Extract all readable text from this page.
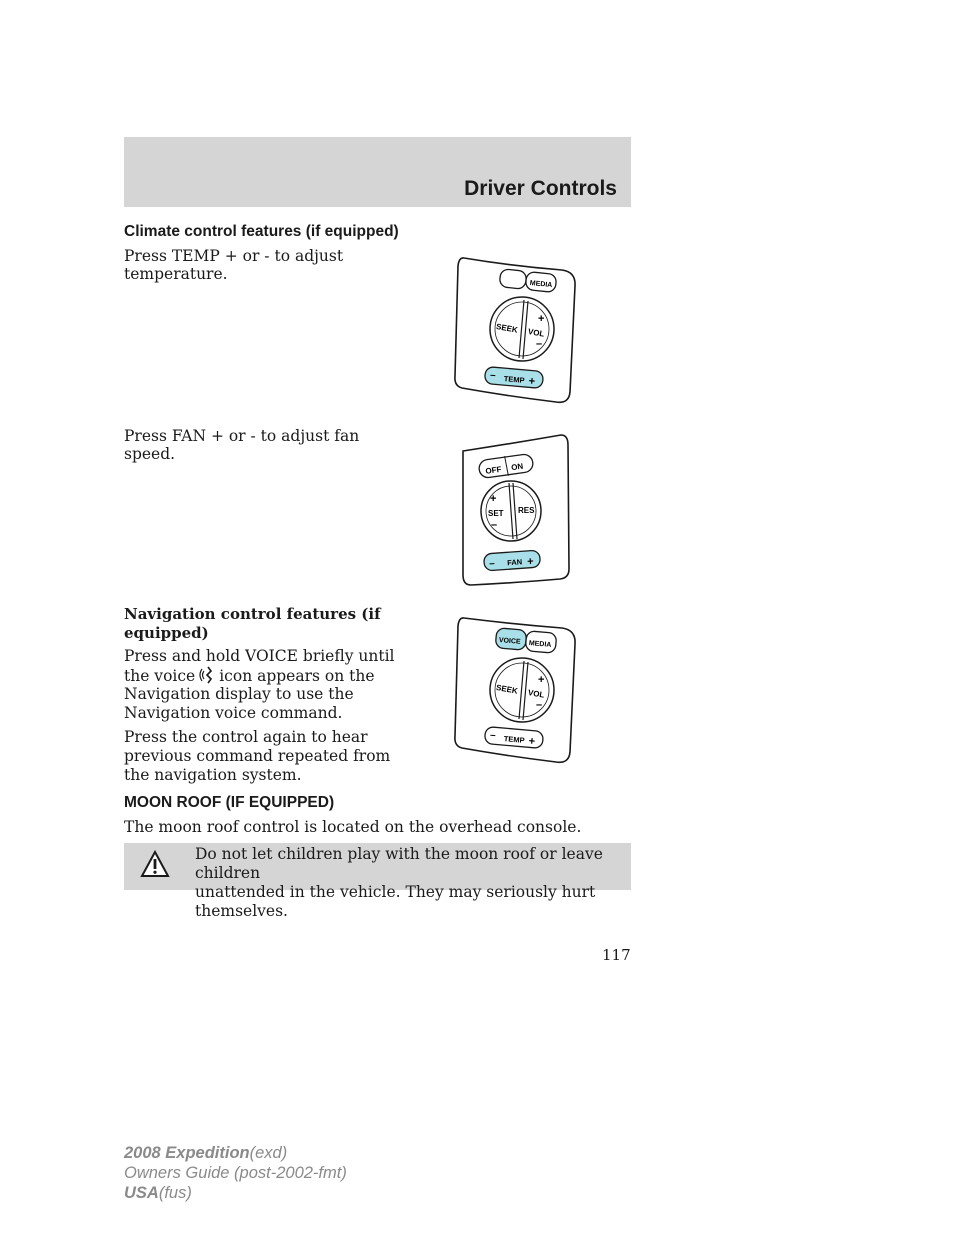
Driver Controls
Climate control features (if equipped)
Press TEMP + or - to adjust
temperature.
Press FAN + or - to adjust fan
speed.
Navigation control features (if
equipped)
Press and hold VOICE briefly until
the voice icon appears on the
Navigation display to use the
Navigation voice command.
Press the control again to hear
previous command repeated from
the navigation system.
MOON ROOF (IF EQUIPPED)
The moon roof control is located on the overhead console.
Do not let children play with the moon roof or leave children
unattended in the vehicle. They may seriously hurt themselves.
117
2008 Expedition(exd)
Owners Guide (post-2002-fmt)
USA(fus)
MEDIA
SEEK VOL
+
–
– TEMP +
OFF ON
+
SET
–
RES
– FAN +
VOICE MEDIA
SEEK VOL
+
–
– TEMP +
